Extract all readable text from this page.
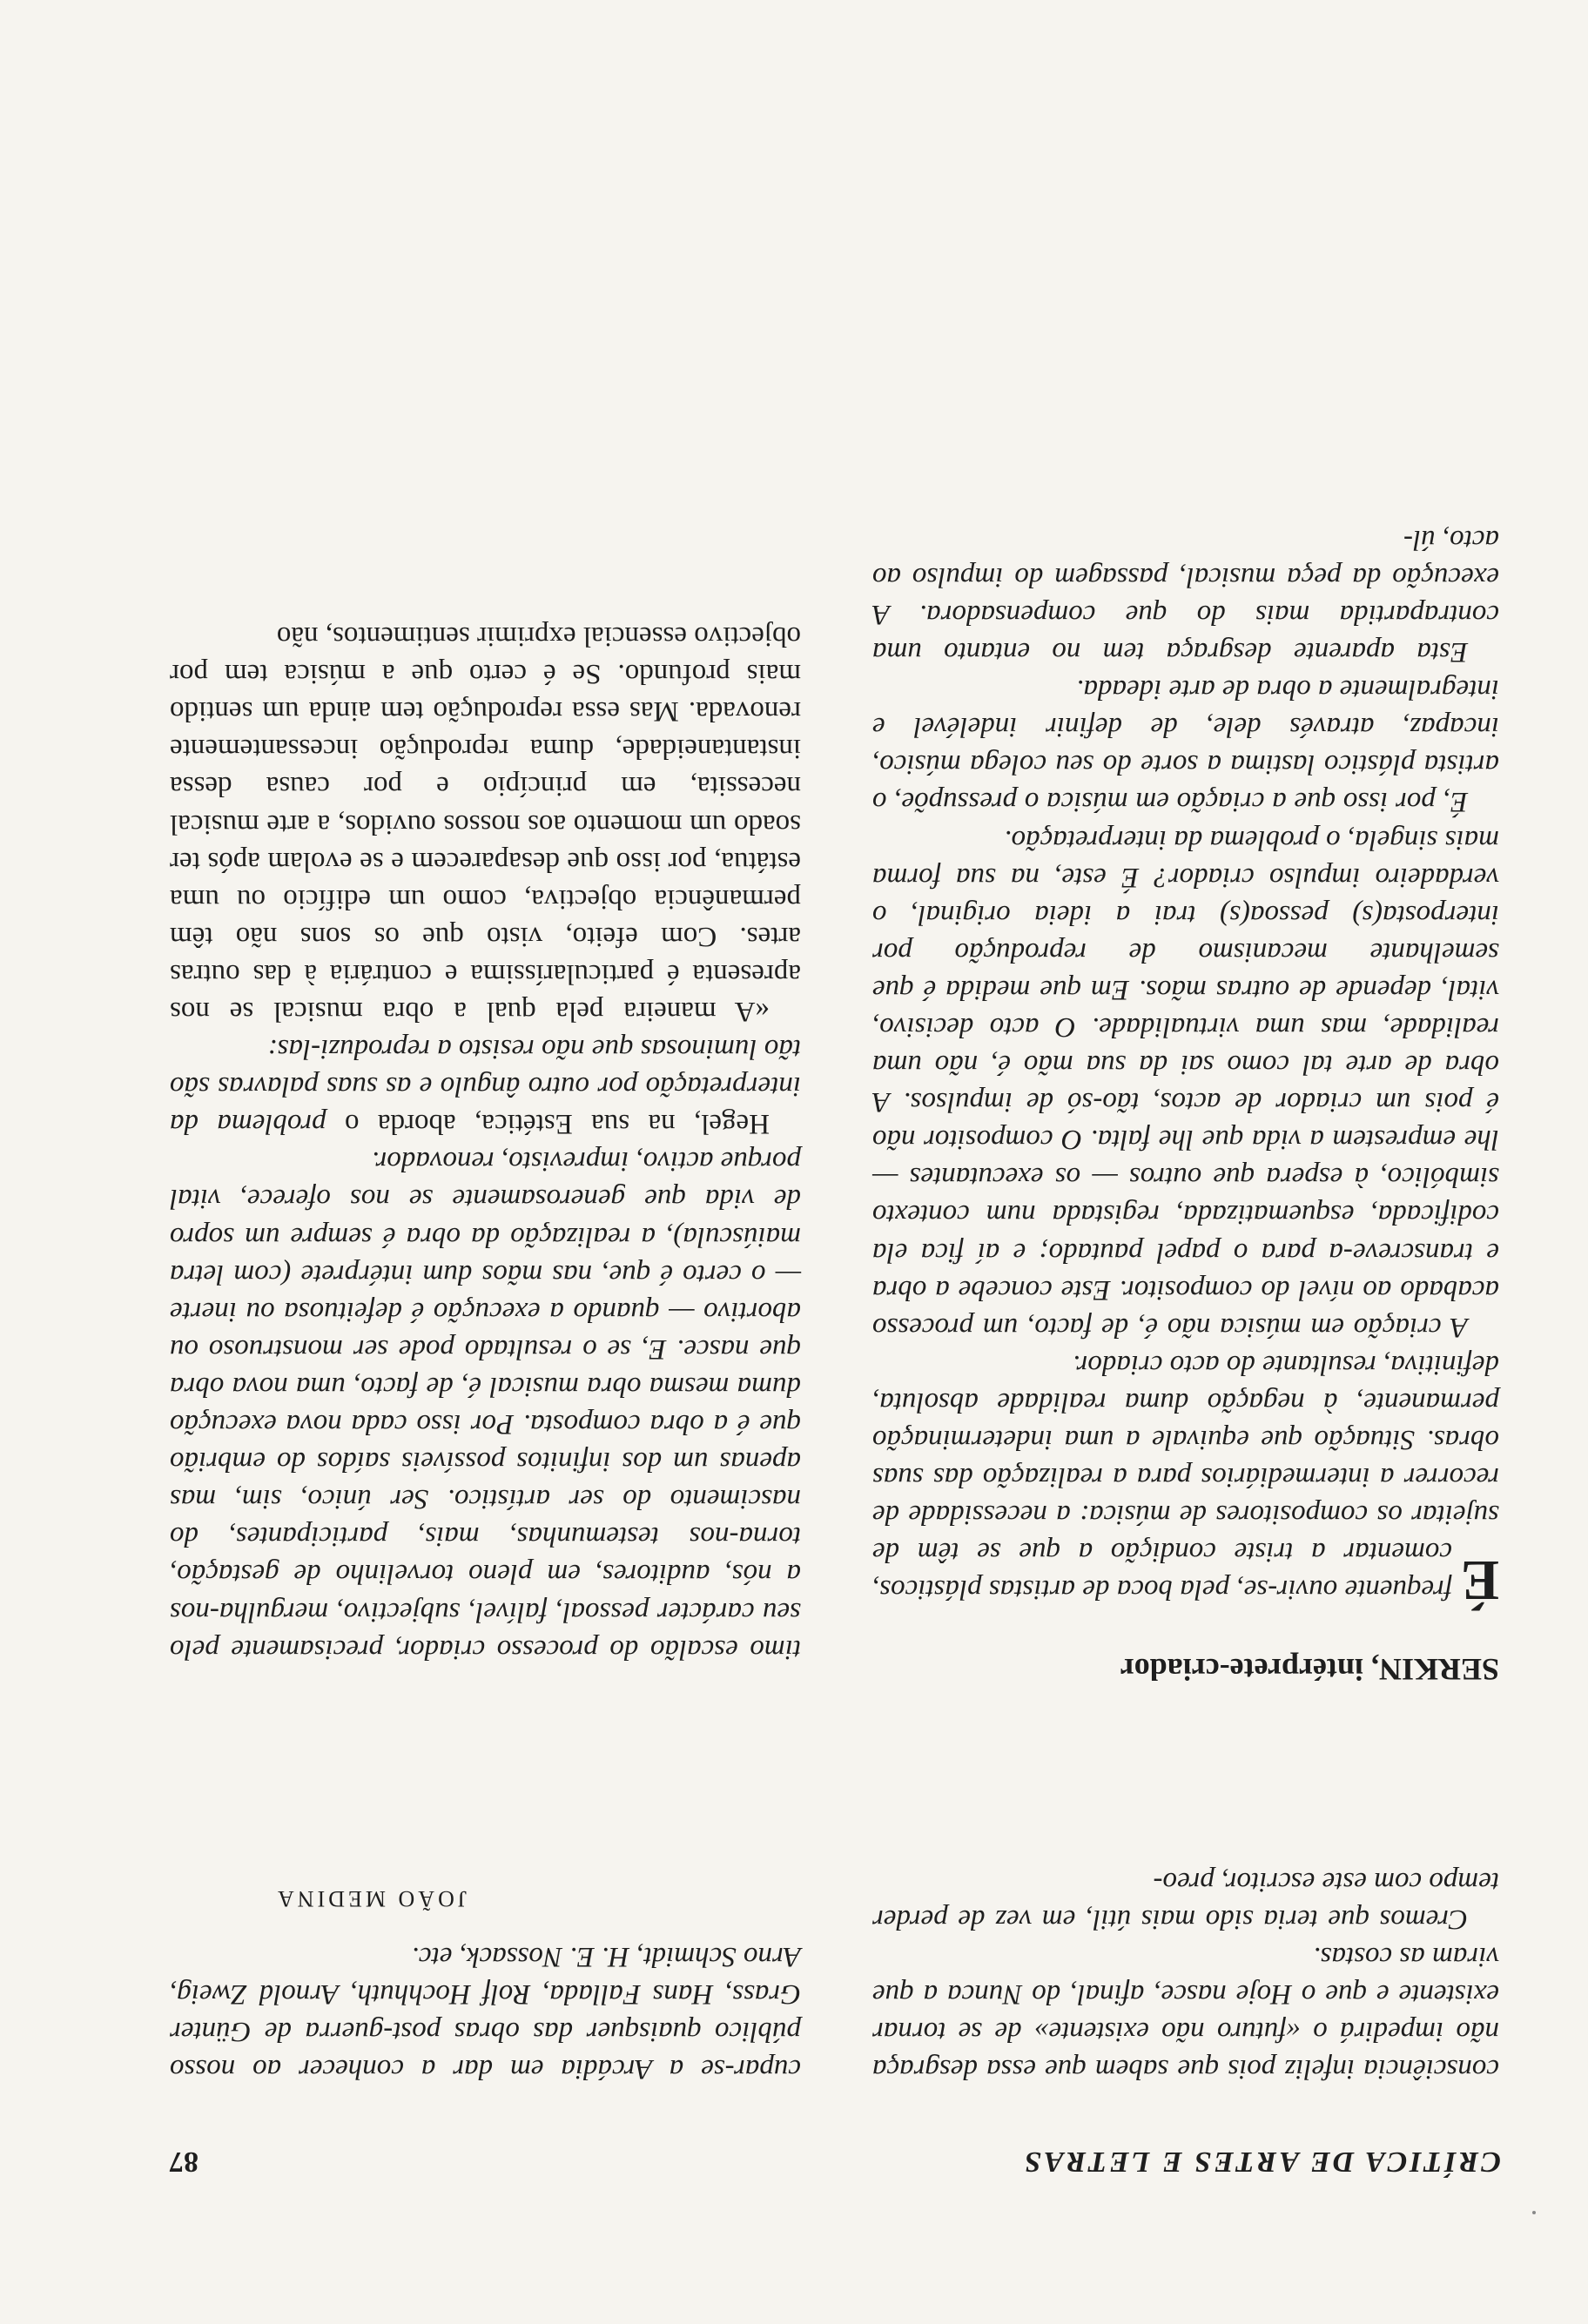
CRÍTICA DE ARTES E LETRAS
87

consciência infeliz pois que sabem que essa desgraça não impedirá o «futuro não existente» de se tornar existente e que o Hoje nasce, afinal, do Nunca a que viram as costas.

Cremos que teria sido mais útil, em vez de perder tempo com este escritor, preo-

SERKIN, intérprete-criador

É
frequente ouvir-se, pela boca de artistas plásticos, comentar a triste condição a que se têm de sujeitar os compositores de música: a necessidade de recorrer a intermediários para a realização das suas obras. Situação que equivale a uma indeterminação permanente, à negação duma realidade absoluta, definitiva, resultante do acto criador.

A criação em música não é, de facto, um processo acabado ao nível do compositor. Este concebe a obra e transcreve-a para o papel pautado; e aí fica ela codificada, esquematizada, registada num contexto simbólico, à espera que outros — os executantes — lhe emprestem a vida que lhe falta. O compositor não é pois um criador de actos, tão-só de impulsos. A obra de arte tal como sai da sua mão é, não uma realidade, mas uma virtualidade. O acto decisivo, vital, depende de outras mãos. Em que medida é que semelhante mecanismo de reprodução por interposta(s) pessoa(s) trai a ideia original, o verdadeiro impulso criador? É este, na sua forma mais singela, o problema da interpretação.

É, por isso que a criação em música o pressupõe, o artista plástico lastima a sorte do seu colega músico, incapaz, através dele, de definir indelével e integralmente a obra de arte ideada.

Esta aparente desgraça tem no entanto uma contrapartida mais do que compensadora. A execução da peça musical, passagem do impulso ao acto, úl-

cupar-se a Arcádia em dar a conhecer ao nosso público quaisquer das obras post-guerra de Günter Grass, Hans Fallada, Rolf Hochhuth, Arnold Zweig, Arno Schmidt, H. E. Nossack, etc.

JOÃO MEDINA

timo escalão do processo criador, precisamente pelo seu carácter pessoal, falível, subjectivo, mergulha-nos a nós, auditores, em pleno torvelinho de gestação, torna-nos testemunhas, mais, participantes, do nascimento do ser artístico. Ser único, sim, mas apenas um dos infinitos possíveis saídos do embrião que é a obra composta. Por isso cada nova execução duma mesma obra musical é, de facto, uma nova obra que nasce. E, se o resultado pode ser monstruoso ou abortivo — quando a execução é defeituosa ou inerte — o certo é que, nas mãos dum intérprete (com letra maiúscula), a realização da obra é sempre um sopro de vida que generosamente se nos oferece, vital porque activo, imprevisto, renovador.

Hegel, na sua Estética, aborda o problema da interpretação por outro ângulo e as suas palavras são tão luminosas que não resisto a reproduzi-las:

«A maneira pela qual a obra musical se nos apresenta é particularíssima e contrária à das outras artes. Com efeito, visto que os sons não têm permanência objectiva, como um edifício ou uma estátua, por isso que desaparecem e se evolam após ter soado um momento aos nossos ouvidos, a arte musical necessita, em princípio e por causa dessa instantaneidade, duma reprodução incessantemente renovada. Mas essa reprodução tem ainda um sentido mais profundo. Se é certo que a música tem por objectivo essencial exprimir sentimentos, não
